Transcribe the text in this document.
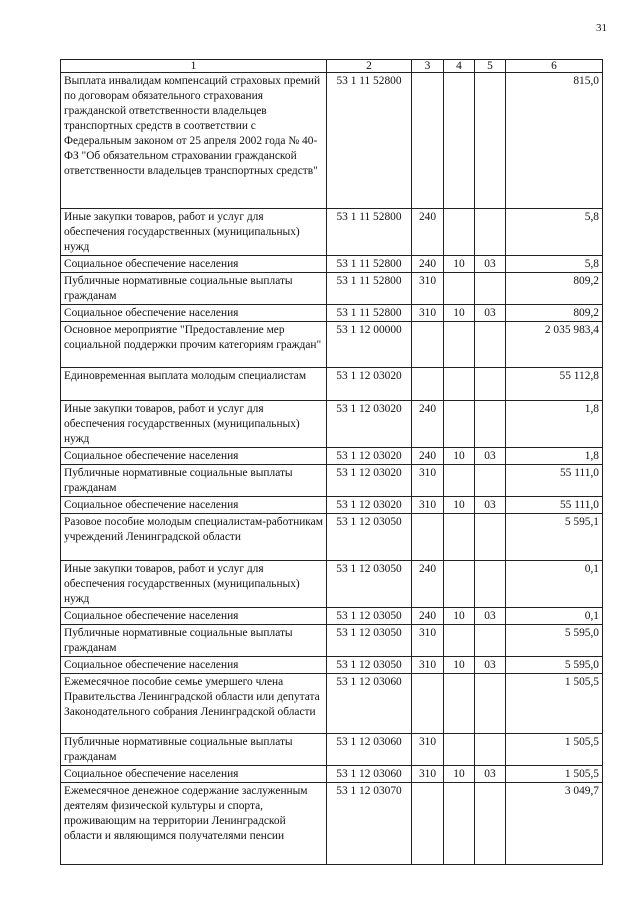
31
1	2	3	4	5	6
Выплата инвалидам компенсаций страховых премий по договорам обязательного страхования гражданской ответственности владельцев транспортных средств в соответствии с Федеральным законом от 25 апреля 2002 года № 40-ФЗ "Об обязательном страховании гражданской ответственности владельцев транспортных средств"	53 1 11 52800				815,0
Иные закупки товаров, работ и услуг для обеспечения государственных (муниципальных) нужд	53 1 11 52800	240			5,8
Социальное обеспечение населения	53 1 11 52800	240	10	03	5,8
Публичные нормативные социальные выплаты гражданам	53 1 11 52800	310			809,2
Социальное обеспечение населения	53 1 11 52800	310	10	03	809,2
Основное мероприятие "Предоставление мер социальной поддержки прочим категориям граждан"	53 1 12 00000				2 035 983,4
Единовременная выплата молодым специалистам	53 1 12 03020				55 112,8
Иные закупки товаров, работ и услуг для обеспечения государственных (муниципальных) нужд	53 1 12 03020	240			1,8
Социальное обеспечение населения	53 1 12 03020	240	10	03	1,8
Публичные нормативные социальные выплаты гражданам	53 1 12 03020	310			55 111,0
Социальное обеспечение населения	53 1 12 03020	310	10	03	55 111,0
Разовое пособие молодым специалистам-работникам учреждений Ленинградской области	53 1 12 03050				5 595,1
Иные закупки товаров, работ и услуг для обеспечения государственных (муниципальных) нужд	53 1 12 03050	240			0,1
Социальное обеспечение населения	53 1 12 03050	240	10	03	0,1
Публичные нормативные социальные выплаты гражданам	53 1 12 03050	310			5 595,0
Социальное обеспечение населения	53 1 12 03050	310	10	03	5 595,0
Ежемесячное пособие семье умершего члена Правительства Ленинградской области или депутата Законодательного собрания Ленинградской области	53 1 12 03060				1 505,5
Публичные нормативные социальные выплаты гражданам	53 1 12 03060	310			1 505,5
Социальное обеспечение населения	53 1 12 03060	310	10	03	1 505,5
Ежемесячное денежное содержание заслуженным деятелям физической культуры и спорта, проживающим на территории Ленинградской области и являющимся получателями пенсии	53 1 12 03070				3 049,7
